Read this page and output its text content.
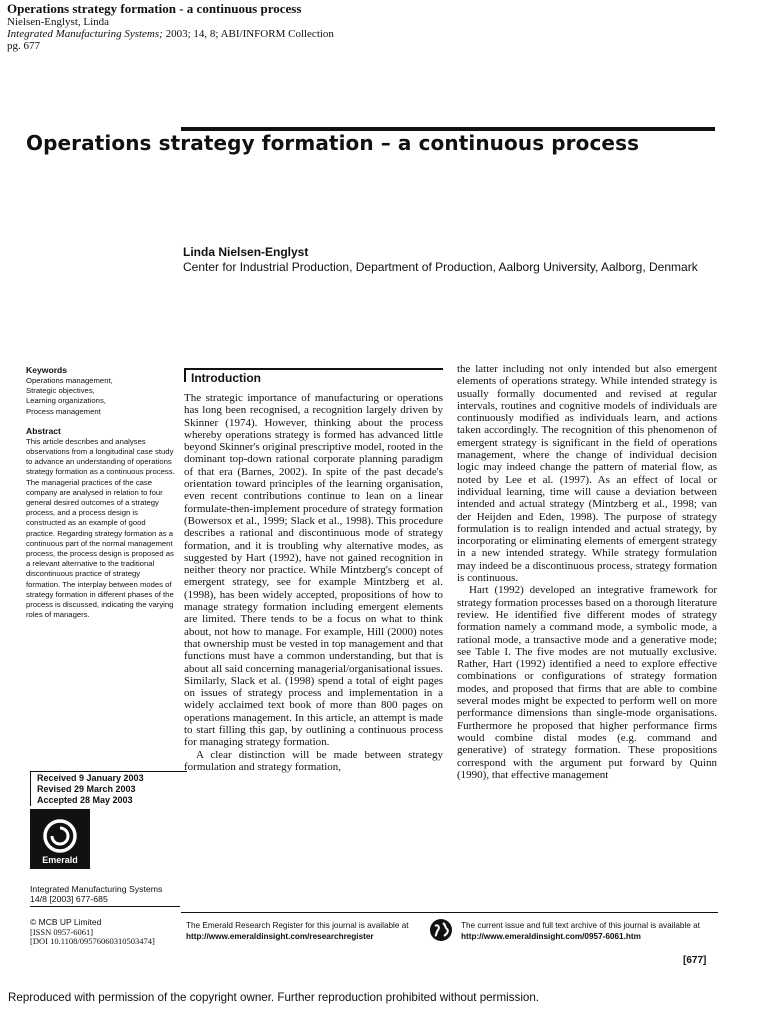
Operations strategy formation - a continuous process
Nielsen-Englyst, Linda
Integrated Manufacturing Systems; 2003; 14, 8; ABI/INFORM Collection
pg. 677
Operations strategy formation – a continuous process
Linda Nielsen-Englyst
Center for Industrial Production, Department of Production, Aalborg University, Aalborg, Denmark
Keywords
Operations management,
Strategic objectives,
Learning organizations,
Process management
Abstract
This article describes and analyses observations from a longitudinal case study to advance an understanding of operations strategy formation as a continuous process. The managerial practices of the case company are analysed in relation to four general desired outcomes of a strategy process, and a process design is constructed as an example of good practice. Regarding strategy formation as a continuous part of the normal management process, the process design is proposed as a relevant alternative to the traditional discontinuous practice of strategy formation. The interplay between modes of strategy formation in different phases of the process is discussed, indicating the varying roles of managers.
Received 9 January 2003
Revised 29 March 2003
Accepted 28 May 2003
Emerald
Integrated Manufacturing Systems
14/8 [2003] 677-685
© MCB UP Limited
[ISSN 0957-6061]
[DOI 10.1108/09576060310503474]
Introduction

The strategic importance of manufacturing or operations has long been recognised, a recognition largely driven by Skinner (1974). However, thinking about the process whereby operations strategy is formed has advanced little beyond Skinner's original prescriptive model, rooted in the dominant top-down rational corporate planning paradigm of that era (Barnes, 2002). In spite of the past decade's orientation toward principles of the learning organisation, even recent contributions continue to lean on a linear formulate-then-implement procedure of strategy formation (Bowersox et al., 1999; Slack et al., 1998). This procedure describes a rational and discontinuous mode of strategy formation, and it is troubling why alternative modes, as suggested by Hart (1992), have not gained recognition in neither theory nor practice. While Mintzberg's concept of emergent strategy, see for example Mintzberg et al. (1998), has been widely accepted, propositions of how to manage strategy formation including emergent elements are limited. There tends to be a focus on what to think about, not how to manage. For example, Hill (2000) notes that ownership must be vested in top management and that functions must have a common understanding, but that is about all said concerning managerial/organisational issues. Similarly, Slack et al. (1998) spend a total of eight pages on issues of strategy process and implementation in a widely acclaimed text book of more than 800 pages on operations management. In this article, an attempt is made to start filling this gap, by outlining a continuous process for managing strategy formation.

A clear distinction will be made between strategy formulation and strategy formation,

the latter including not only intended but also emergent elements of operations strategy. While intended strategy is usually formally documented and revised at regular intervals, routines and cognitive models of individuals are continuously modified as individuals learn, and actions taken accordingly. The recognition of this phenomenon of emergent strategy is significant in the field of operations management, where the change of individual decision logic may indeed change the pattern of material flow, as noted by Lee et al. (1997). As an effect of local or individual learning, time will cause a deviation between intended and actual strategy (Mintzberg et al., 1998; van der Heijden and Eden, 1998). The purpose of strategy formulation is to realign intended and actual strategy, by incorporating or eliminating elements of emergent strategy in a new intended strategy. While strategy formulation may indeed be a discontinuous process, strategy formation is continuous.

Hart (1992) developed an integrative framework for strategy formation processes based on a thorough literature review. He identified five different modes of strategy formation namely a command mode, a symbolic mode, a rational mode, a transactive mode and a generative mode; see Table I. The five modes are not mutually exclusive. Rather, Hart (1992) identified a need to explore effective combinations or configurations of strategy formation modes, and proposed that firms that are able to combine several modes might be expected to perform well on more performance dimensions than single-mode organisations. Furthermore he proposed that higher performance firms would combine distal modes (e.g. command and generative) of strategy formation. These propositions correspond with the argument put forward by Quinn (1990), that effective management

The Emerald Research Register for this journal is available at
http://www.emeraldinsight.com/researchregister
The current issue and full text archive of this journal is available at
http://www.emeraldinsight.com/0957-6061.htm
[677]
Reproduced with permission of the copyright owner. Further reproduction prohibited without permission.
